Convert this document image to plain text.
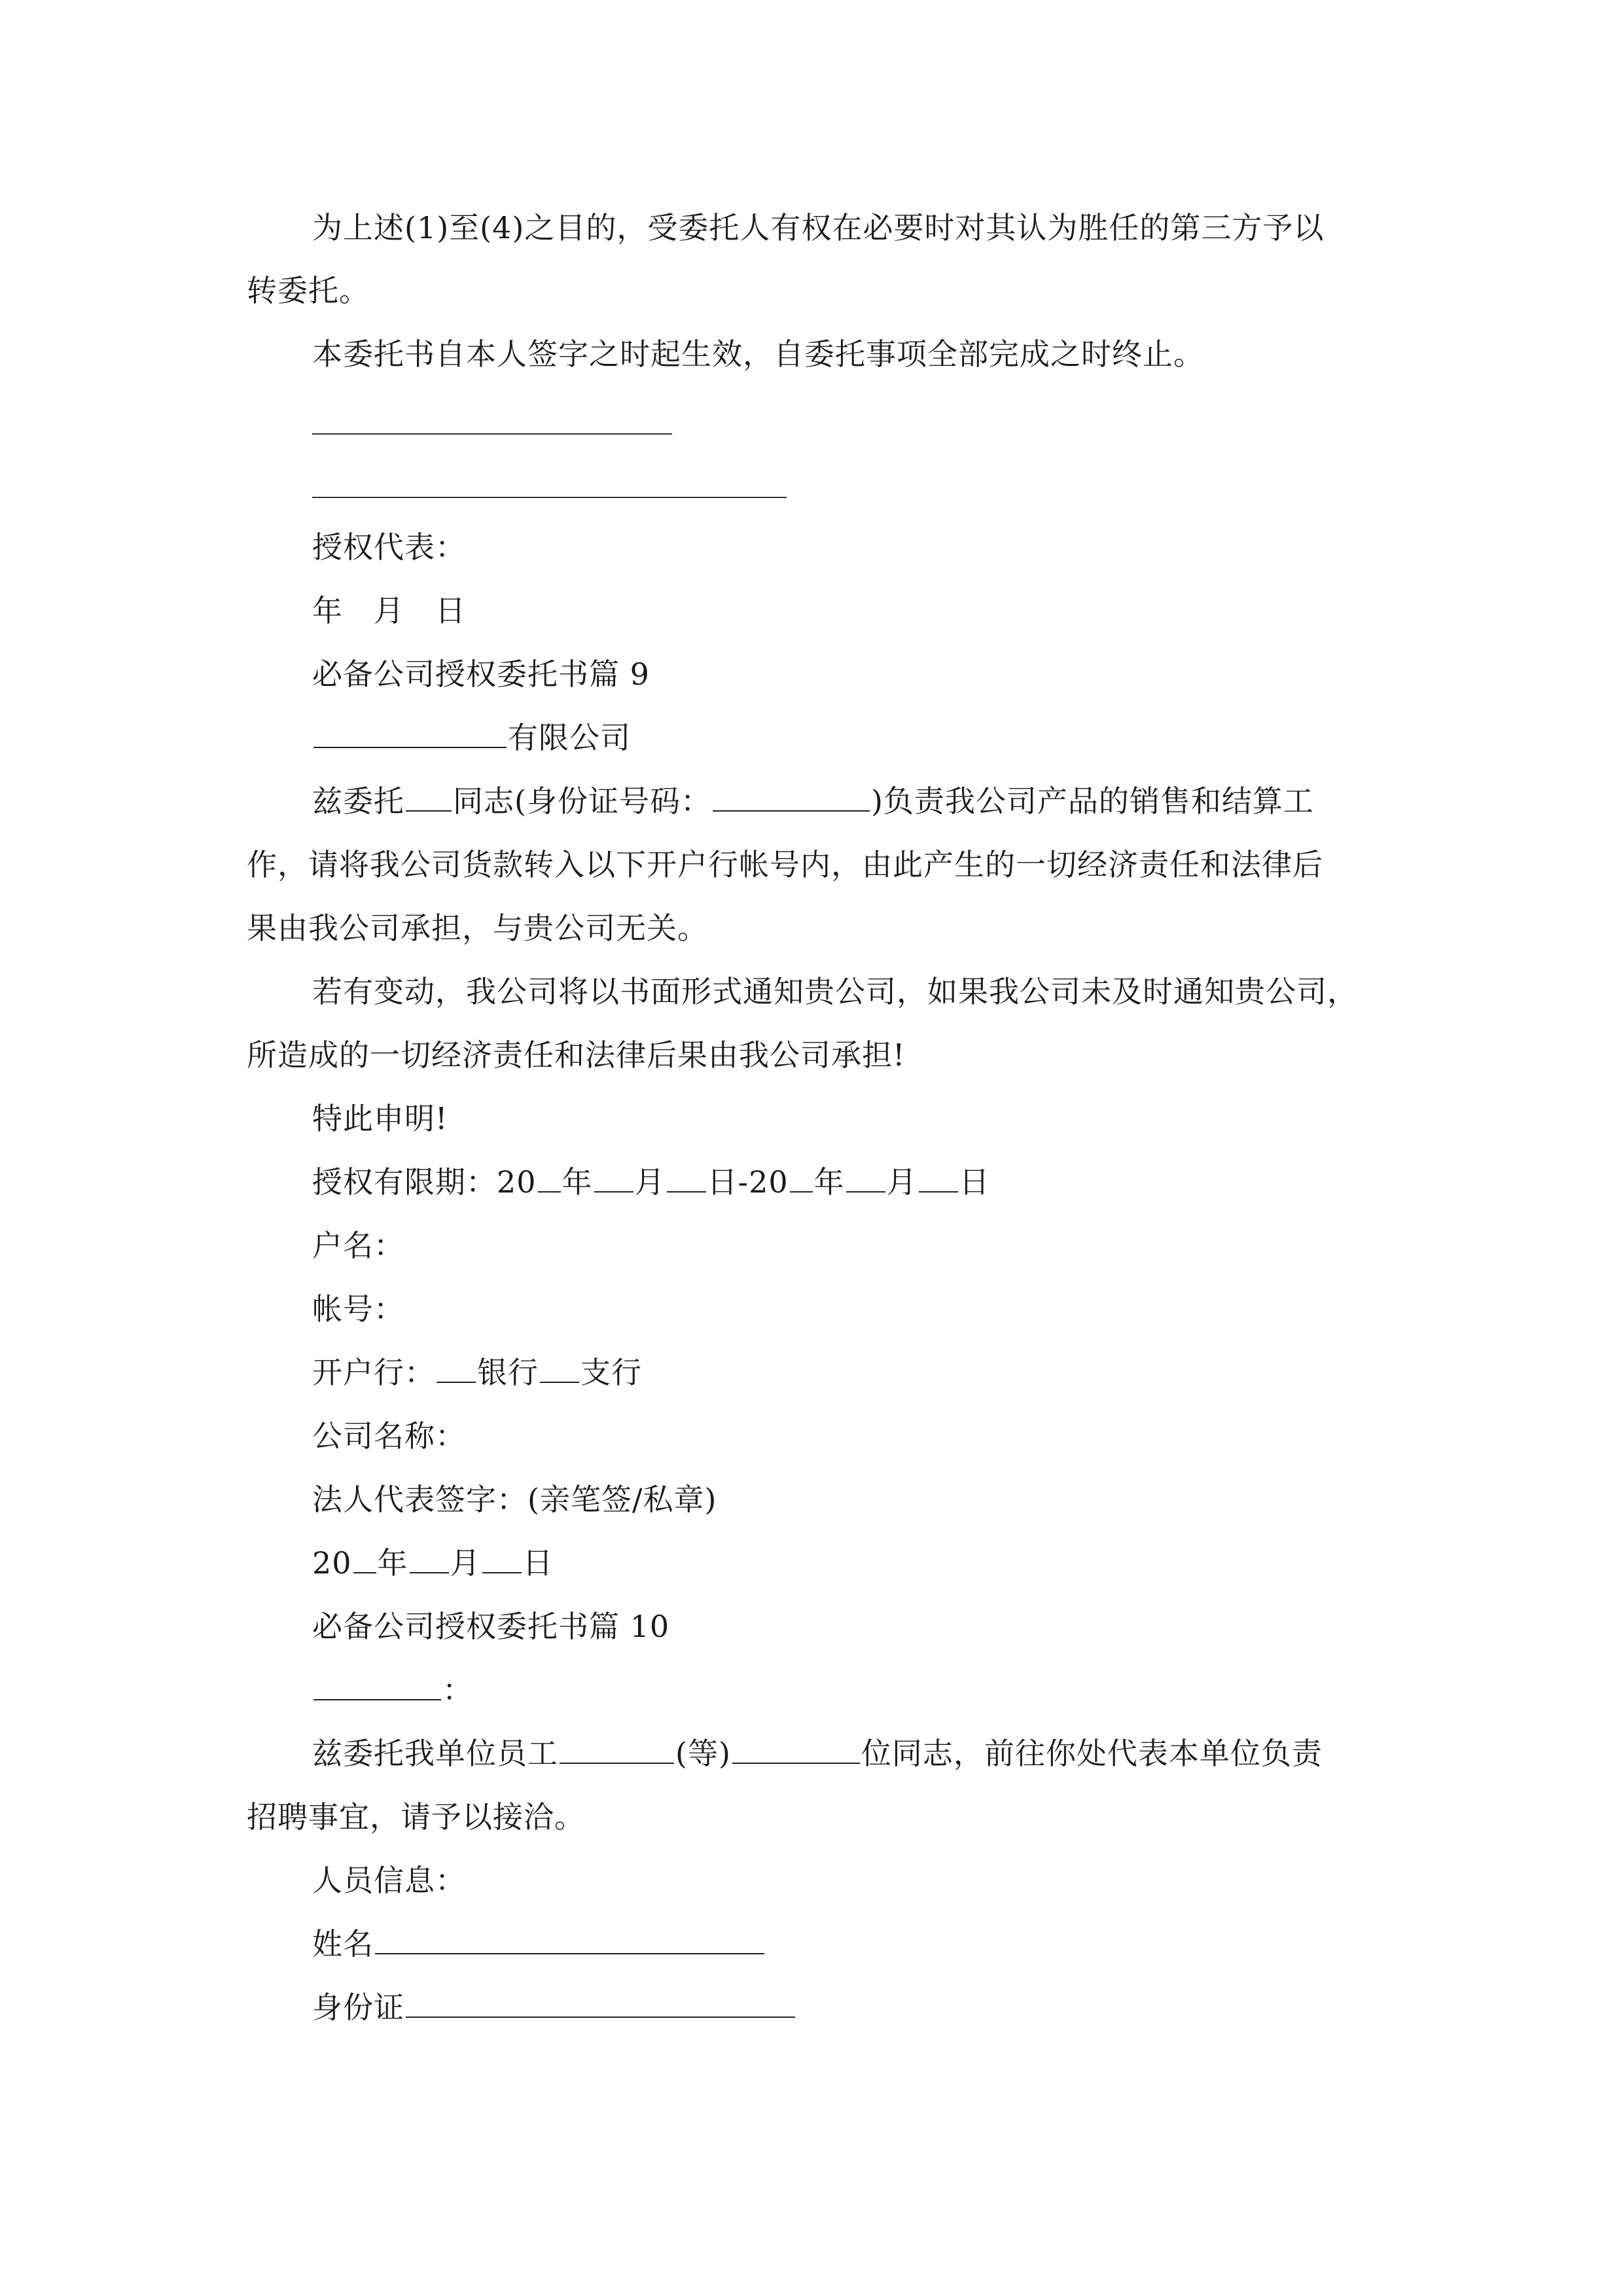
为上述(1)至(4)之目的，受委托人有权在必要时对其认为胜任的第三方予以
转委托。
本委托书自本人签字之时起生效，自委托事项全部完成之时终止。
授权代表：
年　月　日
必备公司授权委托书篇 9
有限公司
兹委托 同志(身份证号码：	)负责我公司产品的销售和结算工
作，请将我公司货款转入以下开户行帐号内，由此产生的一切经济责任和法律后
果由我公司承担，与贵公司无关。
若有变动，我公司将以书面形式通知贵公司，如果我公司未及时通知贵公司，
所造成的一切经济责任和法律后果由我公司承担!
特此申明!
授权有限期：20 年 月 日-20 年 月 日
户名：
帐号：
开户行： 银行 支行
公司名称：
法人代表签字：(亲笔签/私章)
20 年 月 日
必备公司授权委托书篇 10
：
兹委托我单位员工	(等)	位同志，前往你处代表本单位负责
招聘事宜，请予以接洽。
人员信息：
姓名
身份证
